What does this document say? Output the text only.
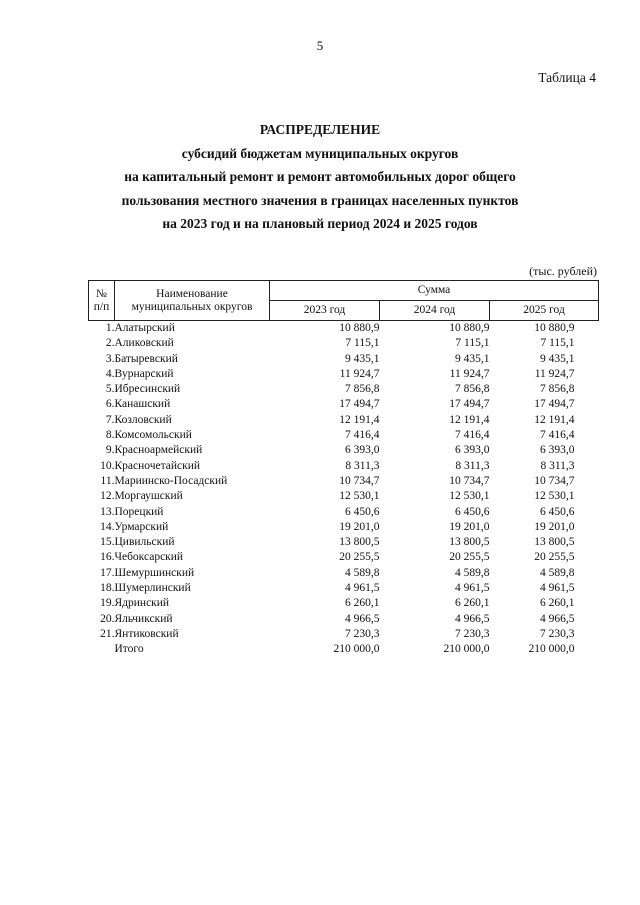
5
Таблица 4
РАСПРЕДЕЛЕНИЕ
субсидий бюджетам муниципальных округов
на капитальный ремонт и ремонт автомобильных дорог общего
пользования местного значения в границах населенных пунктов
на 2023 год и на плановый период 2024 и 2025 годов
(тыс. рублей)
№
п/п	Наименование муниципальных округов	Сумма		
		2023 год	2024 год	2025 год
1.	Алатырский	10 880,9	10 880,9	10 880,9
2.	Аликовский	7 115,1	7 115,1	7 115,1
3.	Батыревский	9 435,1	9 435,1	9 435,1
4.	Вурнарский	11 924,7	11 924,7	11 924,7
5.	Ибресинский	7 856,8	7 856,8	7 856,8
6.	Канашский	17 494,7	17 494,7	17 494,7
7.	Козловский	12 191,4	12 191,4	12 191,4
8.	Комсомольский	7 416,4	7 416,4	7 416,4
9.	Красноармейский	6 393,0	6 393,0	6 393,0
10.	Красночетайский	8 311,3	8 311,3	8 311,3
11.	Мариинско-Посадский	10 734,7	10 734,7	10 734,7
12.	Моргаушский	12 530,1	12 530,1	12 530,1
13.	Порецкий	6 450,6	6 450,6	6 450,6
14.	Урмарский	19 201,0	19 201,0	19 201,0
15.	Цивильский	13 800,5	13 800,5	13 800,5
16.	Чебоксарский	20 255,5	20 255,5	20 255,5
17.	Шемуршинский	4 589,8	4 589,8	4 589,8
18.	Шумерлинский	4 961,5	4 961,5	4 961,5
19.	Ядринский	6 260,1	6 260,1	6 260,1
20.	Яльчикский	4 966,5	4 966,5	4 966,5
21.	Янтиковский	7 230,3	7 230,3	7 230,3
	Итого	210 000,0	210 000,0	210 000,0
